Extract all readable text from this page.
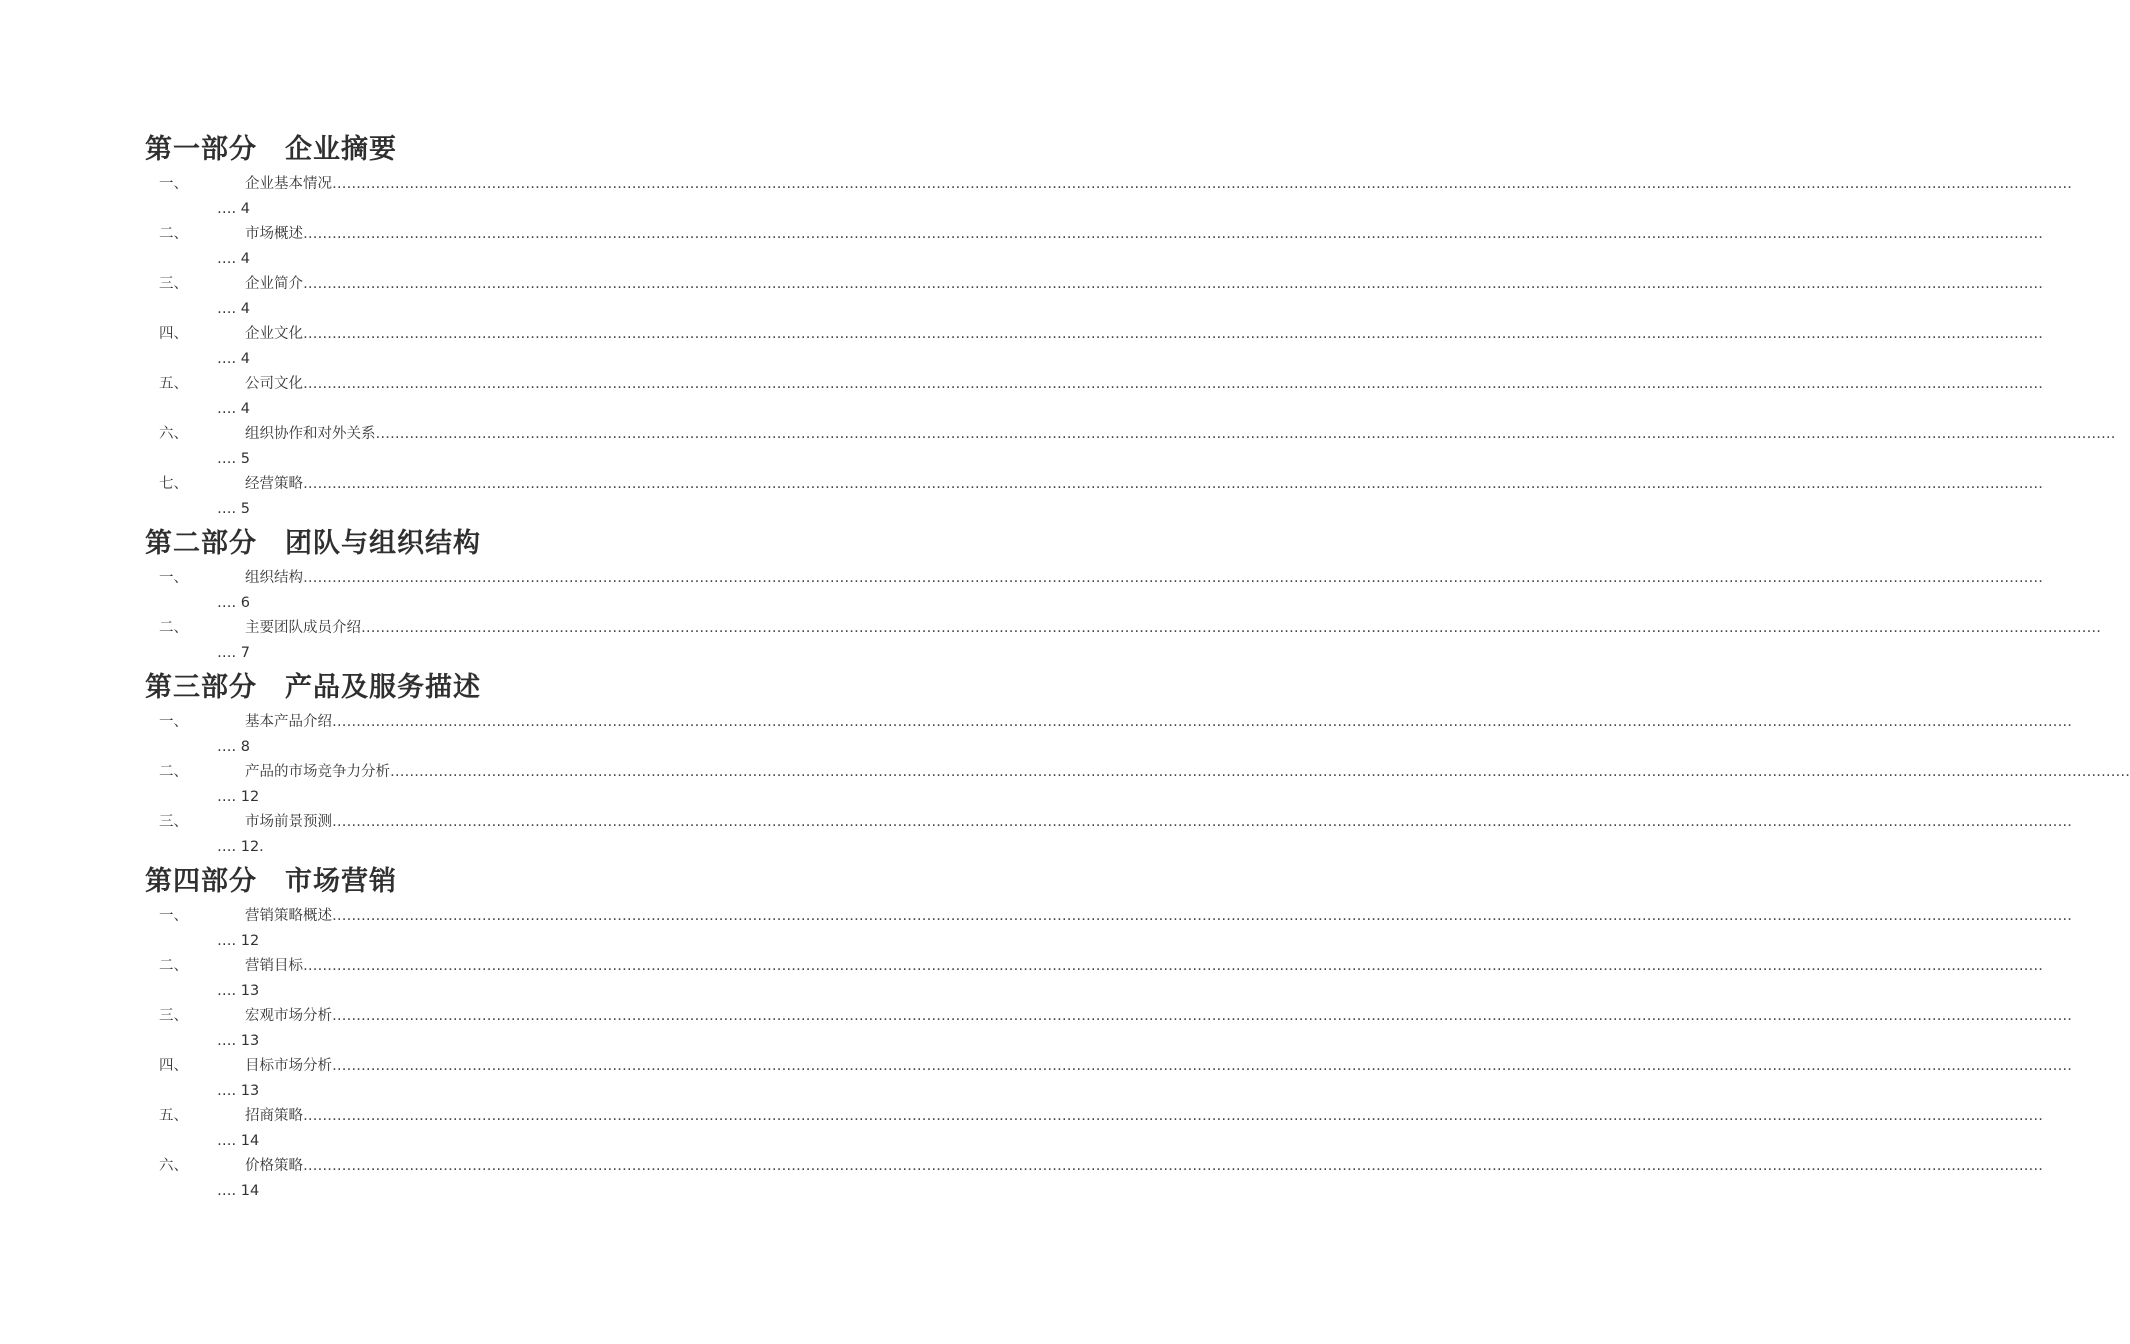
第一部分　企业摘要
一、	企业基本情况………………………………………………………………………………………………………………………………………………………………………………………………………………………………………………………………………………………………………………………………
…. 4
二、	市场概述………………………………………………………………………………………………………………………………………………………………………………………………………………………………………………………………………………………………………………………………
…. 4
三、	企业简介………………………………………………………………………………………………………………………………………………………………………………………………………………………………………………………………………………………………………………………………
…. 4
四、	企业文化………………………………………………………………………………………………………………………………………………………………………………………………………………………………………………………………………………………………………………………………
…. 4
五、	公司文化………………………………………………………………………………………………………………………………………………………………………………………………………………………………………………………………………………………………………………………………
…. 4
六、	组织协作和对外关系………………………………………………………………………………………………………………………………………………………………………………………………………………………………………………………………………………………………………………………………
…. 5
七、	经营策略………………………………………………………………………………………………………………………………………………………………………………………………………………………………………………………………………………………………………………………………
…. 5
第二部分　团队与组织结构
一、	组织结构………………………………………………………………………………………………………………………………………………………………………………………………………………………………………………………………………………………………………………………………
…. 6
二、	主要团队成员介绍………………………………………………………………………………………………………………………………………………………………………………………………………………………………………………………………………………………………………………………………
…. 7
第三部分　产品及服务描述
一、	基本产品介绍………………………………………………………………………………………………………………………………………………………………………………………………………………………………………………………………………………………………………………………………
…. 8
二、	产品的市场竞争力分析………………………………………………………………………………………………………………………………………………………………………………………………………………………………………………………………………………………………………………………………
…. 12
三、	市场前景预测………………………………………………………………………………………………………………………………………………………………………………………………………………………………………………………………………………………………………………………………
…. 12.
第四部分　市场营销
一、	营销策略概述………………………………………………………………………………………………………………………………………………………………………………………………………………………………………………………………………………………………………………………………
…. 12
二、	营销目标………………………………………………………………………………………………………………………………………………………………………………………………………………………………………………………………………………………………………………………………
…. 13
三、	宏观市场分析………………………………………………………………………………………………………………………………………………………………………………………………………………………………………………………………………………………………………………………………
…. 13
四、	目标市场分析………………………………………………………………………………………………………………………………………………………………………………………………………………………………………………………………………………………………………………………………
…. 13
五、	招商策略………………………………………………………………………………………………………………………………………………………………………………………………………………………………………………………………………………………………………………………………
…. 14
六、	价格策略………………………………………………………………………………………………………………………………………………………………………………………………………………………………………………………………………………………………………………………………
…. 14
